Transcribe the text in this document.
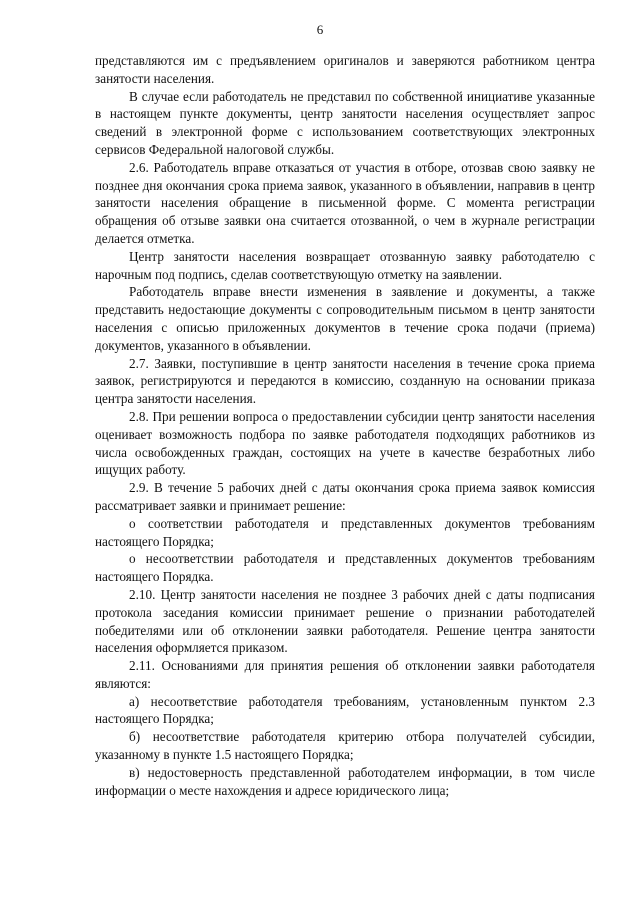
6

представляются им с предъявлением оригиналов и заверяются работником центра занятости населения.

В случае если работодатель не представил по собственной инициативе указанные в настоящем пункте документы, центр занятости населения осуществляет запрос сведений в электронной форме с использованием соответствующих электронных сервисов Федеральной налоговой службы.

2.6. Работодатель вправе отказаться от участия в отборе, отозвав свою заявку не позднее дня окончания срока приема заявок, указанного в объявлении, направив в центр занятости населения обращение в письменной форме. С момента регистрации обращения об отзыве заявки она считается отозванной, о чем в журнале регистрации делается отметка.

Центр занятости населения возвращает отозванную заявку работодателю с нарочным под подпись, сделав соответствующую отметку на заявлении.

Работодатель вправе внести изменения в заявление и документы, а также представить недостающие документы с сопроводительным письмом в центр занятости населения с описью приложенных документов в течение срока подачи (приема) документов, указанного в объявлении.

2.7. Заявки, поступившие в центр занятости населения в течение срока приема заявок, регистрируются и передаются в комиссию, созданную на основании приказа центра занятости населения.

2.8. При решении вопроса о предоставлении субсидии центр занятости населения оценивает возможность подбора по заявке работодателя подходящих работников из числа освобожденных граждан, состоящих на учете в качестве безработных либо ищущих работу.

2.9. В течение 5 рабочих дней с даты окончания срока приема заявок комиссия рассматривает заявки и принимает решение:

о соответствии работодателя и представленных документов требованиям настоящего Порядка;

о несоответствии работодателя и представленных документов требованиям настоящего Порядка.

2.10. Центр занятости населения не позднее 3 рабочих дней с даты подписания протокола заседания комиссии принимает решение о признании работодателей победителями или об отклонении заявки работодателя. Решение центра занятости населения оформляется приказом.

2.11. Основаниями для принятия решения об отклонении заявки работодателя являются:

а) несоответствие работодателя требованиям, установленным пунктом 2.3 настоящего Порядка;

б) несоответствие работодателя критерию отбора получателей субсидии, указанному в пункте 1.5 настоящего Порядка;

в) недостоверность представленной работодателем информации, в том числе информации о месте нахождения и адресе юридического лица;
